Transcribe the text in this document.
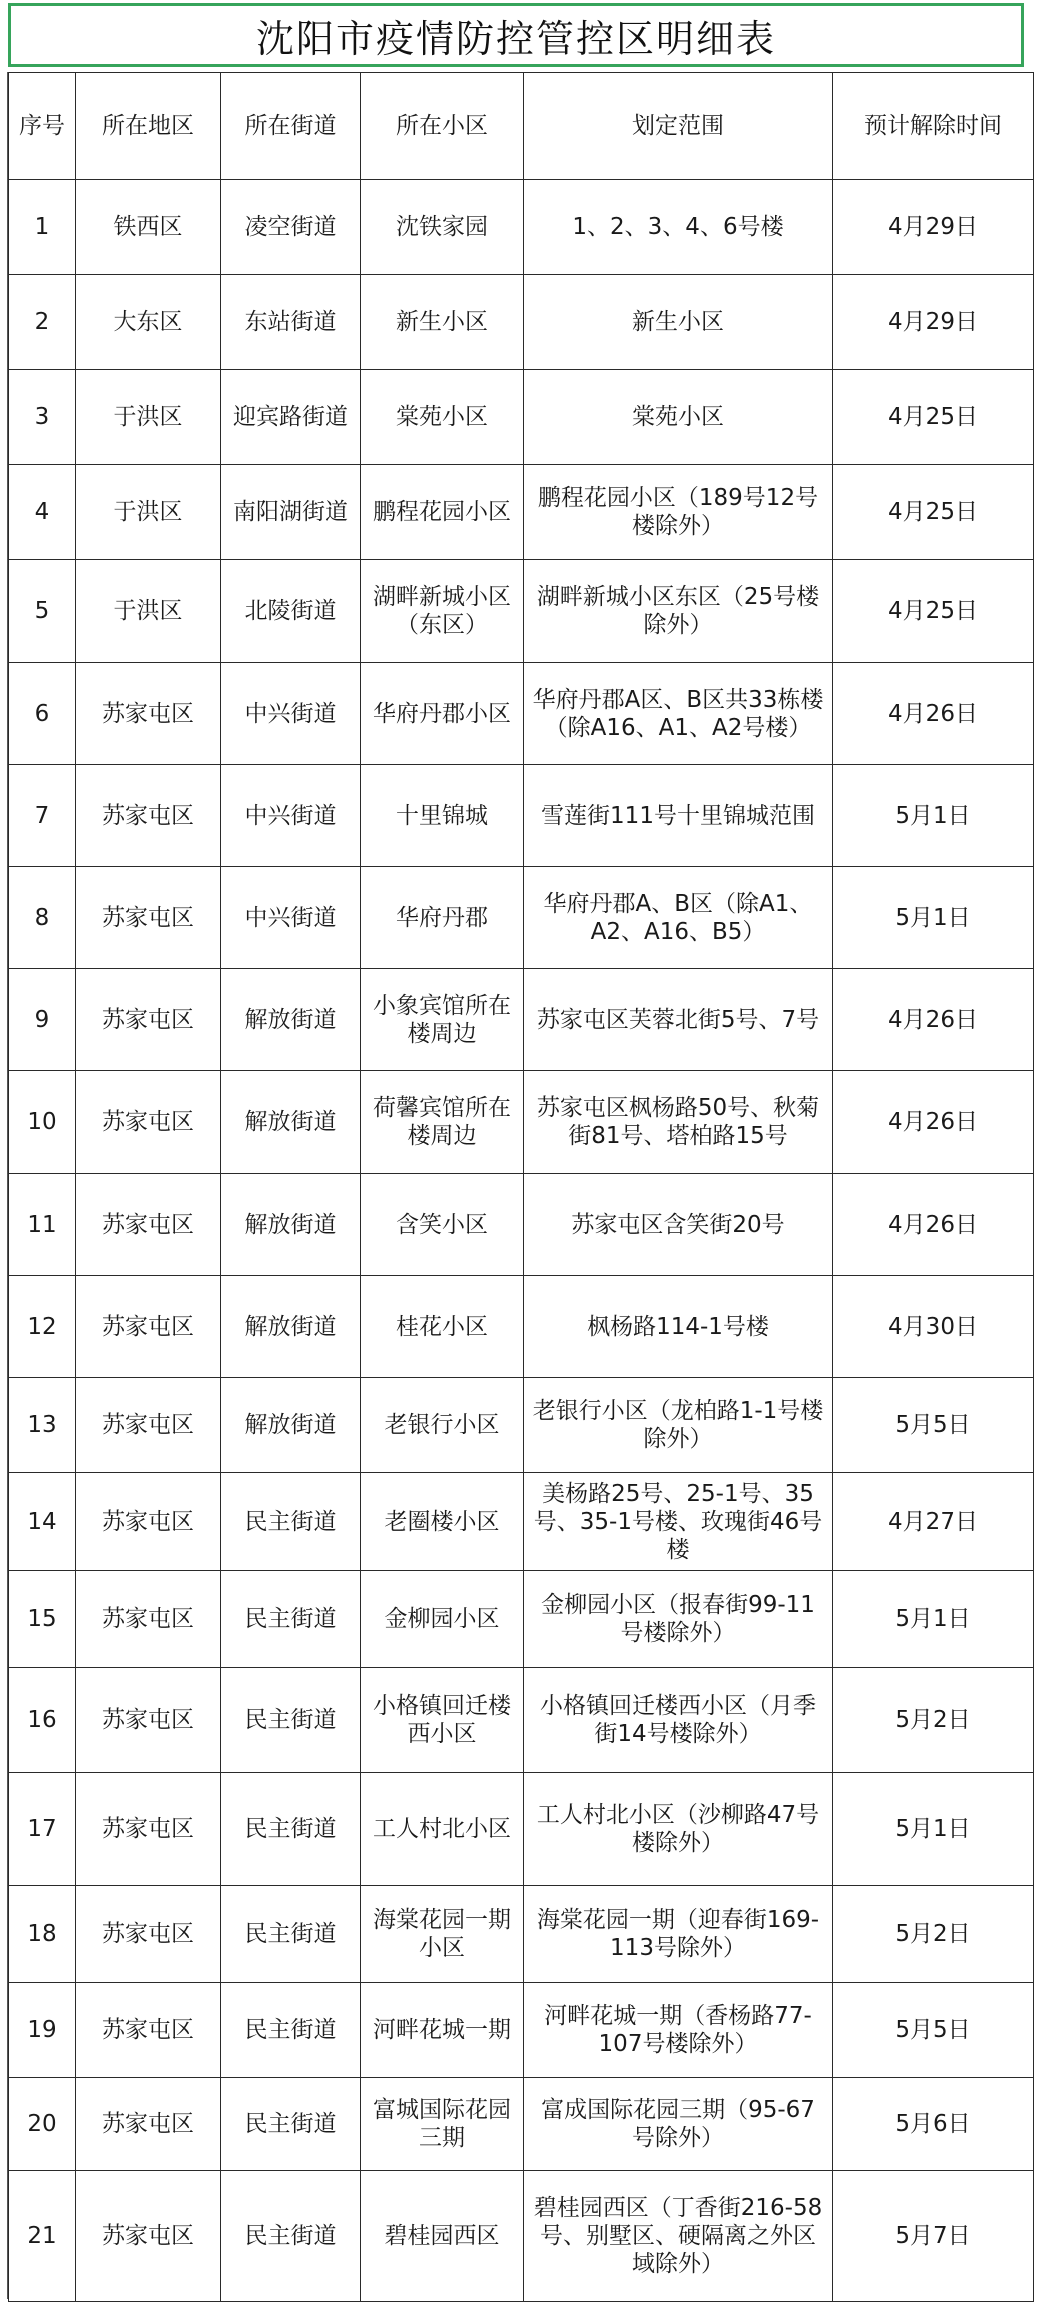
沈阳市疫情防控管控区明细表
序号	所在地区	所在街道	所在小区	划定范围	预计解除时间
1	铁西区	凌空街道	沈铁家园	1、2、3、4、6号楼	4月29日
2	大东区	东站街道	新生小区	新生小区	4月29日
3	于洪区	迎宾路街道	棠苑小区	棠苑小区	4月25日
4	于洪区	南阳湖街道	鹏程花园小区	鹏程花园小区（189号12号楼除外）	4月25日
5	于洪区	北陵街道	湖畔新城小区（东区）	湖畔新城小区东区（25号楼除外）	4月25日
6	苏家屯区	中兴街道	华府丹郡小区	华府丹郡A区、B区共33栋楼（除A16、A1、A2号楼）	4月26日
7	苏家屯区	中兴街道	十里锦城	雪莲街111号十里锦城范围	5月1日
8	苏家屯区	中兴街道	华府丹郡	华府丹郡A、B区（除A1、A2、A16、B5）	5月1日
9	苏家屯区	解放街道	小象宾馆所在楼周边	苏家屯区芙蓉北街5号、7号	4月26日
10	苏家屯区	解放街道	荷馨宾馆所在楼周边	苏家屯区枫杨路50号、秋菊街81号、塔柏路15号	4月26日
11	苏家屯区	解放街道	含笑小区	苏家屯区含笑街20号	4月26日
12	苏家屯区	解放街道	桂花小区	枫杨路114-1号楼	4月30日
13	苏家屯区	解放街道	老银行小区	老银行小区（龙柏路1-1号楼除外）	5月5日
14	苏家屯区	民主街道	老圈楼小区	美杨路25号、25-1号、35号、35-1号楼、玫瑰街46号楼	4月27日
15	苏家屯区	民主街道	金柳园小区	金柳园小区（报春街99-11号楼除外）	5月1日
16	苏家屯区	民主街道	小格镇回迁楼西小区	小格镇回迁楼西小区（月季街14号楼除外）	5月2日
17	苏家屯区	民主街道	工人村北小区	工人村北小区（沙柳路47号楼除外）	5月1日
18	苏家屯区	民主街道	海棠花园一期小区	海棠花园一期（迎春街169-113号除外）	5月2日
19	苏家屯区	民主街道	河畔花城一期	河畔花城一期（香杨路77-107号楼除外）	5月5日
20	苏家屯区	民主街道	富城国际花园三期	富成国际花园三期（95-67号除外）	5月6日
21	苏家屯区	民主街道	碧桂园西区	碧桂园西区（丁香街216-58号、别墅区、硬隔离之外区域除外）	5月7日
